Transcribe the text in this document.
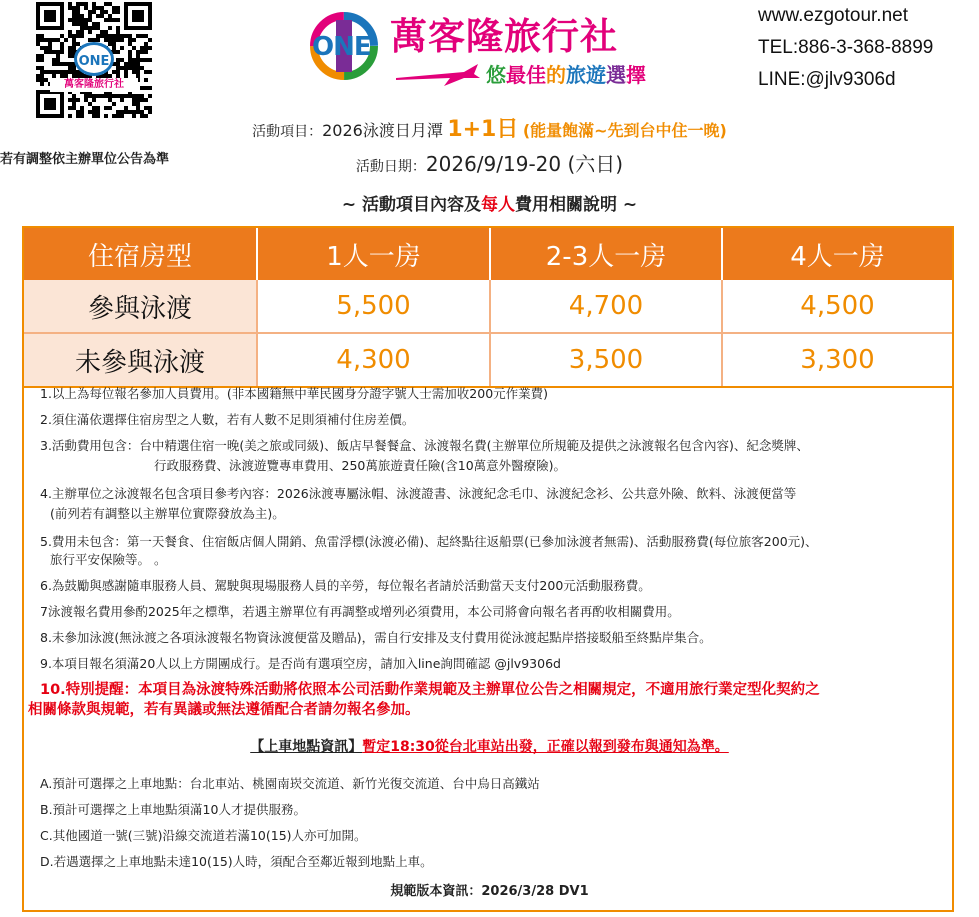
萬客隆旅行社
ONE	ONE 萬客隆旅行社
悠最佳的旅遊選擇
www.ezgotour.net
TEL:886-3-368-8899
LINE:@jlv9306d
活動項目：2026泳渡日月潭 1+1日 (能量飽滿~先到台中住一晚)
活動日期：2026/9/19-20 (六日)
若有調整依主辦單位公告為準
~ 活動項目內容及每人費用相關說明 ~
住宿房型	1人一房	2-3人一房	4人一房
參與泳渡	5,500	4,700	4,500
未參與泳渡	4,300	3,500	3,300
1.以上為每位報名參加人員費用。(非本國籍無中華民國身分證字號人士需加收200元作業費)
2.須住滿依選擇住宿房型之人數，若有人數不足則須補付住房差價。
3.活動費用包含：台中精選住宿一晚(美之旅或同級)、飯店早餐餐盒、泳渡報名費(主辦單位所規範及提供之泳渡報名包含內容)、紀念獎牌、
行政服務費、泳渡遊覽專車費用、250萬旅遊責任險(含10萬意外醫療險)。
4.主辦單位之泳渡報名包含項目參考內容：2026泳渡專屬泳帽、泳渡證書、泳渡紀念毛巾、泳渡紀念衫、公共意外險、飲料、泳渡便當等
(前列若有調整以主辦單位實際發放為主)。
5.費用未包含：第一天餐食、住宿飯店個人開銷、魚雷浮標(泳渡必備)、起終點往返船票(已參加泳渡者無需)、活動服務費(每位旅客200元)、
旅行平安保險等。 。
6.為鼓勵與感謝隨車服務人員、駕駛與現場服務人員的辛勞，每位報名者請於活動當天支付200元活動服務費。
7泳渡報名費用參酌2025年之標準，若遇主辦單位有再調整或增列必須費用，本公司將會向報名者再酌收相關費用。
8.未參加泳渡(無泳渡之各項泳渡報名物資泳渡便當及贈品)，需自行安排及支付費用從泳渡起點岸搭接駁船至終點岸集合。
9.本項目報名須滿20人以上方開團成行。是否尚有選項空房，請加入line詢問確認 @jlv9306d
10.特別提醒：本項目為泳渡特殊活動將依照本公司活動作業規範及主辦單位公告之相關規定，不適用旅行業定型化契約之
相關條款與規範，若有異議或無法遵循配合者請勿報名參加。
【上車地點資訊】暫定18:30從台北車站出發，正確以報到發布與通知為準。
A.預計可選擇之上車地點：台北車站、桃園南崁交流道、新竹光復交流道、台中烏日高鐵站
B.預計可選擇之上車地點須滿10人才提供服務。
C.其他國道一號(三號)沿線交流道若滿10(15)人亦可加開。
D.若遇選擇之上車地點未達10(15)人時，須配合至鄰近報到地點上車。
規範版本資訊：2026/3/28 DV1
